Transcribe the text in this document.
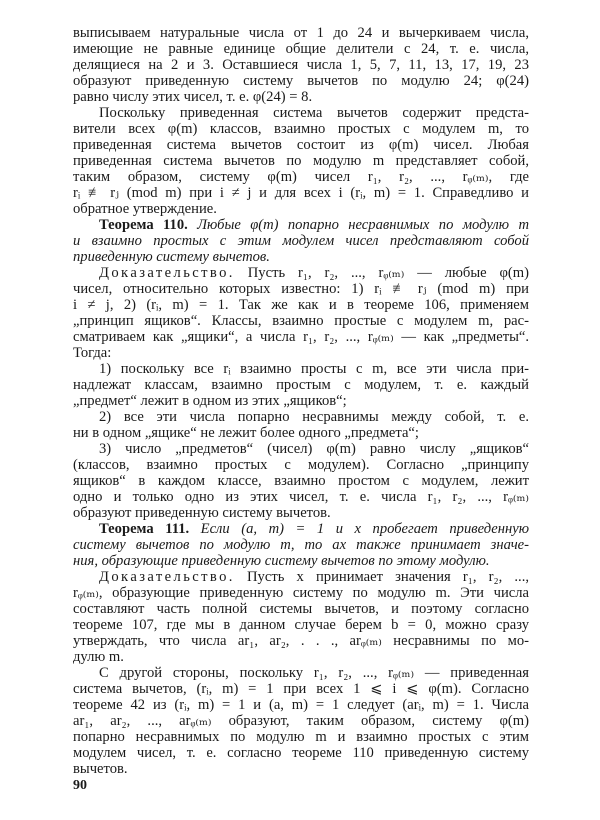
выписываем натуральные числа от 1 до 24 и вычеркиваем числа,
имеющие не равные единице общие делители с 24, т. е. числа,
делящиеся на 2 и 3. Оставшиеся числа 1, 5, 7, 11, 13, 17, 19, 23
образуют приведенную систему вычетов по модулю 24; φ(24)
равно числу этих чисел, т. е. φ(24) = 8.
Поскольку приведенная система вычетов содержит предста-
вители всех φ(m) классов, взаимно простых с модулем m, то
приведенная система вычетов состоит из φ(m) чисел. Любая
приведенная система вычетов по модулю m представляет собой,
таким образом, систему φ(m) чисел r₁, r₂, ..., rᵩ₍ₘ₎, где
rᵢ ≢ rⱼ (mod m) при i ≠ j и для всех i (rᵢ, m) = 1. Справедливо и
обратное утверждение.
Теорема 110. Любые φ(m) попарно несравнимых по модулю m
и взаимно простых с этим модулем чисел представляют собой
приведенную систему вычетов.
Доказательство. Пусть r₁, r₂, ..., rᵩ₍ₘ₎ — любые φ(m)
чисел, относительно которых известно: 1) rᵢ ≢ rⱼ (mod m) при
i ≠ j, 2) (rᵢ, m) = 1. Так же как и в теореме 106, применяем
„принцип ящиков“. Классы, взаимно простые с модулем m, рас-
сматриваем как „ящики“, а числа r₁, r₂, ..., rᵩ₍ₘ₎ — как „предметы“.
Тогда:
1) поскольку все rᵢ взаимно просты с m, все эти числа при-
надлежат классам, взаимно простым с модулем, т. е. каждый
„предмет“ лежит в одном из этих „ящиков“;
2) все эти числа попарно несравнимы между собой, т. е.
ни в одном „ящике“ не лежит более одного „предмета“;
3) число „предметов“ (чисел) φ(m) равно числу „ящиков“
(классов, взаимно простых с модулем). Согласно „принципу
ящиков“ в каждом классе, взаимно простом с модулем, лежит
одно и только одно из этих чисел, т. е. числа r₁, r₂, ..., rᵩ₍ₘ₎
образуют приведенную систему вычетов.
Теорема 111. Если (a, m) = 1 и x пробегает приведенную
систему вычетов по модулю m, то ax также принимает значе-
ния, образующие приведенную систему вычетов по этому модулю.
Доказательство. Пусть x принимает значения r₁, r₂, ...,
rᵩ₍ₘ₎, образующие приведенную систему по модулю m. Эти числа
составляют часть полной системы вычетов, и поэтому согласно
теореме 107, где мы в данном случае берем b = 0, можно сразу
утверждать, что числа ar₁, ar₂, . . ., arᵩ₍ₘ₎ несравнимы по мо-
дулю m.
С другой стороны, поскольку r₁, r₂, ..., rᵩ₍ₘ₎ — приведенная
система вычетов, (rᵢ, m) = 1 при всех 1 ⩽ i ⩽ φ(m). Согласно
теореме 42 из (rᵢ, m) = 1 и (a, m) = 1 следует (arᵢ, m) = 1. Числа
ar₁, ar₂, ..., arᵩ₍ₘ₎ образуют, таким образом, систему φ(m)
попарно несравнимых по модулю m и взаимно простых с этим
модулем чисел, т. е. согласно теореме 110 приведенную систему
вычетов.
90
